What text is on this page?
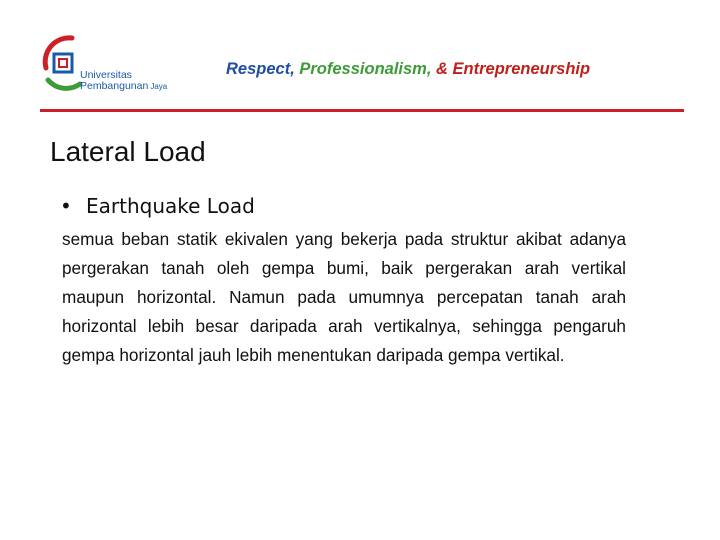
Universitas
Pembangunan Jaya
Respect, Professionalism, & Entrepreneurship
Lateral Load
• Earthquake Load
semua beban statik ekivalen yang bekerja pada struktur akibat adanya pergerakan tanah oleh gempa bumi, baik pergerakan arah vertikal maupun horizontal. Namun pada umumnya percepatan tanah arah horizontal lebih besar daripada arah vertikalnya, sehingga pengaruh gempa horizontal jauh lebih menentukan daripada gempa vertikal.
